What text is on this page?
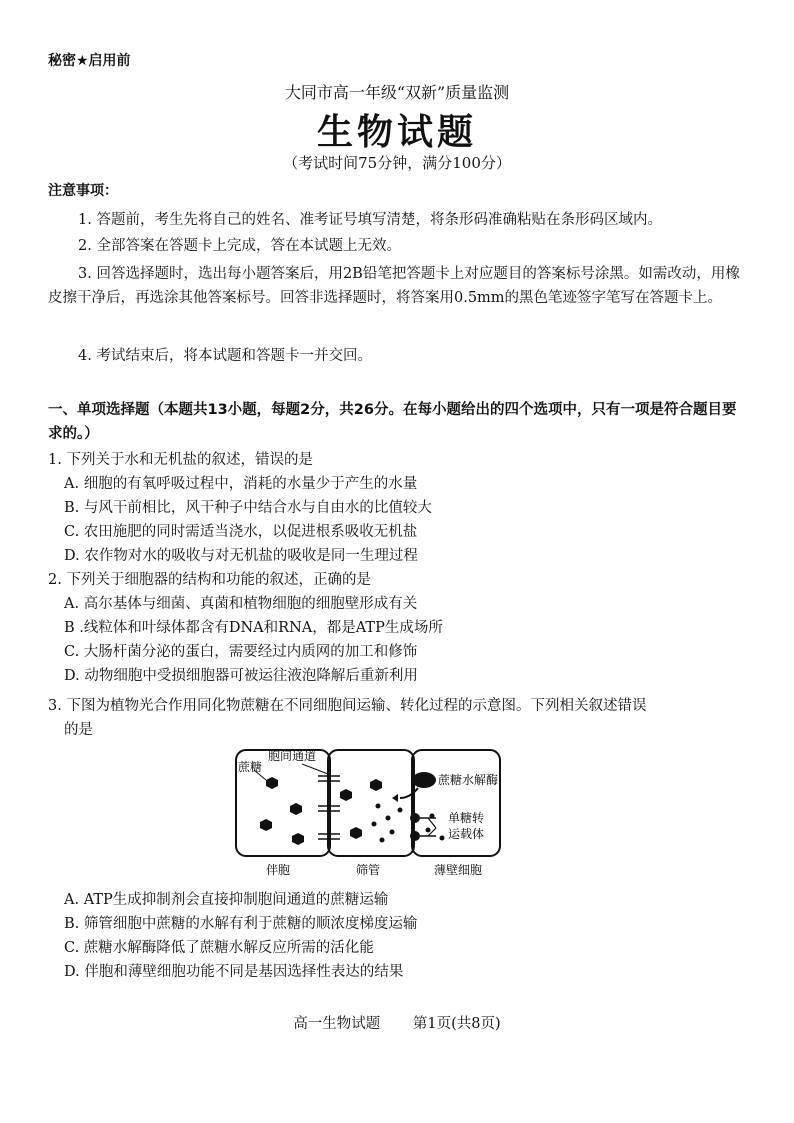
秘密★启用前
大同市高一年级“双新”质量监测
生物试题
（考试时间75分钟，满分100分）
注意事项：
1. 答题前，考生先将自己的姓名、准考证号填写清楚，将条形码准确粘贴在条形码区域内。
2. 全部答案在答题卡上完成，答在本试题上无效。
3. 回答选择题时，选出每小题答案后，用2B铅笔把答题卡上对应题目的答案标号涂黑。如需改动，用橡皮擦干净后，再选涂其他答案标号。回答非选择题时，将答案用0.5mm的黑色笔迹签字笔写在答题卡上。
4. 考试结束后，将本试题和答题卡一并交回。
一、单项选择题（本题共13小题，每题2分，共26分。在每小题给出的四个选项中，只有一项是符合题目要求的。）
1. 下列关于水和无机盐的叙述，错误的是
A. 细胞的有氧呼吸过程中，消耗的水量少于产生的水量
B. 与风干前相比，风干种子中结合水与自由水的比值较大
C. 农田施肥的同时需适当浇水，以促进根系吸收无机盐
D. 农作物对水的吸收与对无机盐的吸收是同一生理过程
2. 下列关于细胞器的结构和功能的叙述，正确的是
A. 高尔基体与细菌、真菌和植物细胞的细胞壁形成有关
B .线粒体和叶绿体都含有DNA和RNA，都是ATP生成场所
C. 大肠杆菌分泌的蛋白，需要经过内质网的加工和修饰
D. 动物细胞中受损细胞器可被运往液泡降解后重新利用
3. 下图为植物光合作用同化物蔗糖在不同细胞间运输、转化过程的示意图。下列相关叙述错误
的是
蔗糖
胞间通道
蔗糖水解酶
单糖转
运载体
伴胞	筛管	薄壁细胞
A. ATP生成抑制剂会直接抑制胞间通道的蔗糖运输
B. 筛管细胞中蔗糖的水解有利于蔗糖的顺浓度梯度运输
C. 蔗糖水解酶降低了蔗糖水解反应所需的活化能
D. 伴胞和薄壁细胞功能不同是基因选择性表达的结果
高一生物试题 第1页(共8页)
